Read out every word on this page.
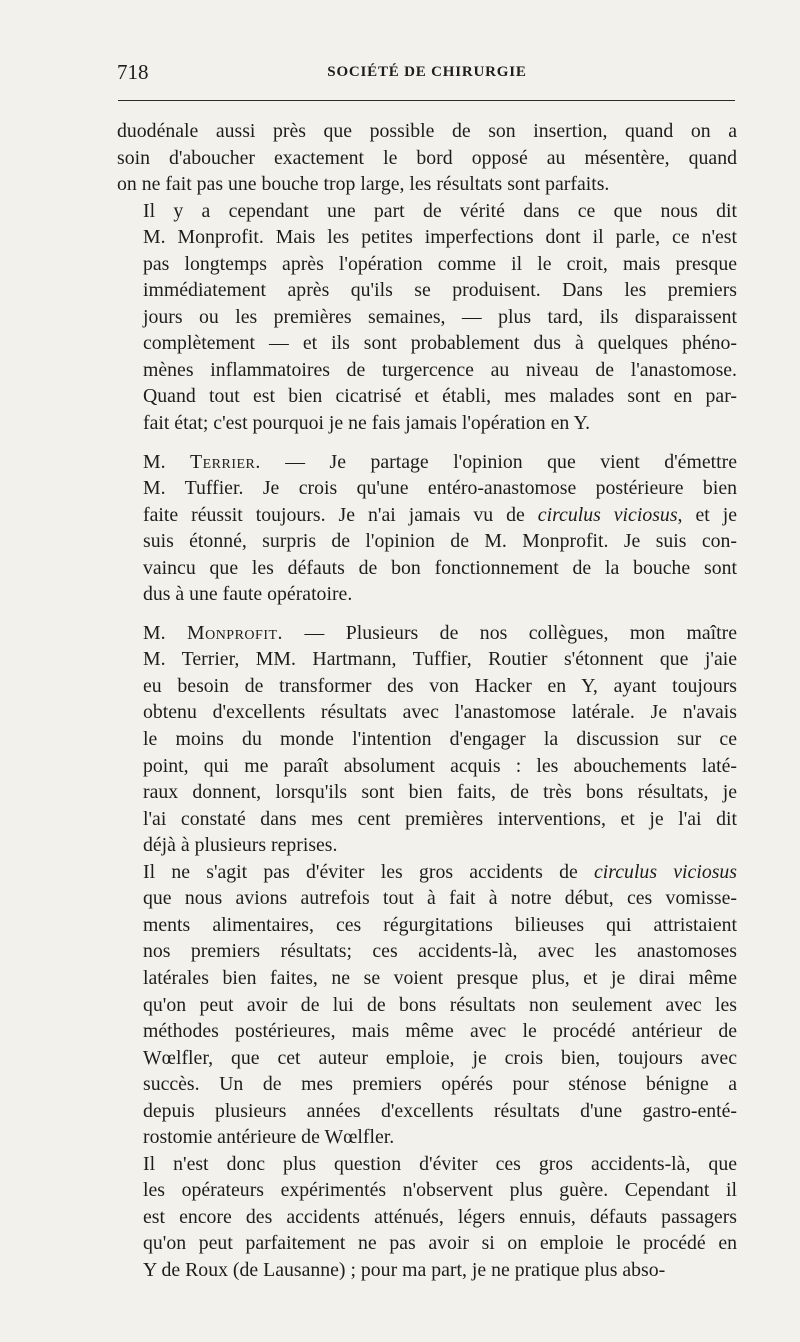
718	SOCIÉTÉ DE CHIRURGIE

duodénale aussi près que possible de son insertion, quand on a
soin d'aboucher exactement le bord opposé au mésentère, quand
on ne fait pas une bouche trop large, les résultats sont parfaits.

Il y a cependant une part de vérité dans ce que nous dit
M. Monprofit. Mais les petites imperfections dont il parle, ce n'est
pas longtemps après l'opération comme il le croit, mais presque
immédiatement après qu'ils se produisent. Dans les premiers
jours ou les premières semaines, — plus tard, ils disparaissent
complètement — et ils sont probablement dus à quelques phéno-
mènes inflammatoires de turgercence au niveau de l'anastomose.
Quand tout est bien cicatrisé et établi, mes malades sont en par-
fait état; c'est pourquoi je ne fais jamais l'opération en Y.

M. Terrier. — Je partage l'opinion que vient d'émettre
M. Tuffier. Je crois qu'une entéro-anastomose postérieure bien
faite réussit toujours. Je n'ai jamais vu de circulus viciosus, et je
suis étonné, surpris de l'opinion de M. Monprofit. Je suis con-
vaincu que les défauts de bon fonctionnement de la bouche sont
dus à une faute opératoire.

M. Monprofit. — Plusieurs de nos collègues, mon maître
M. Terrier, MM. Hartmann, Tuffier, Routier s'étonnent que j'aie
eu besoin de transformer des von Hacker en Y, ayant toujours
obtenu d'excellents résultats avec l'anastomose latérale. Je n'avais
le moins du monde l'intention d'engager la discussion sur ce
point, qui me paraît absolument acquis : les abouchements laté-
raux donnent, lorsqu'ils sont bien faits, de très bons résultats, je
l'ai constaté dans mes cent premières interventions, et je l'ai dit
déjà à plusieurs reprises.

Il ne s'agit pas d'éviter les gros accidents de circulus viciosus
que nous avions autrefois tout à fait à notre début, ces vomisse-
ments alimentaires, ces régurgitations bilieuses qui attristaient
nos premiers résultats; ces accidents-là, avec les anastomoses
latérales bien faites, ne se voient presque plus, et je dirai même
qu'on peut avoir de lui de bons résultats non seulement avec les
méthodes postérieures, mais même avec le procédé antérieur de
Wœlfler, que cet auteur emploie, je crois bien, toujours avec
succès. Un de mes premiers opérés pour sténose bénigne a
depuis plusieurs années d'excellents résultats d'une gastro-enté-
rostomie antérieure de Wœlfler.

Il n'est donc plus question d'éviter ces gros accidents-là, que
les opérateurs expérimentés n'observent plus guère. Cependant il
est encore des accidents atténués, légers ennuis, défauts passagers
qu'on peut parfaitement ne pas avoir si on emploie le procédé en
Y de Roux (de Lausanne) ; pour ma part, je ne pratique plus abso-
